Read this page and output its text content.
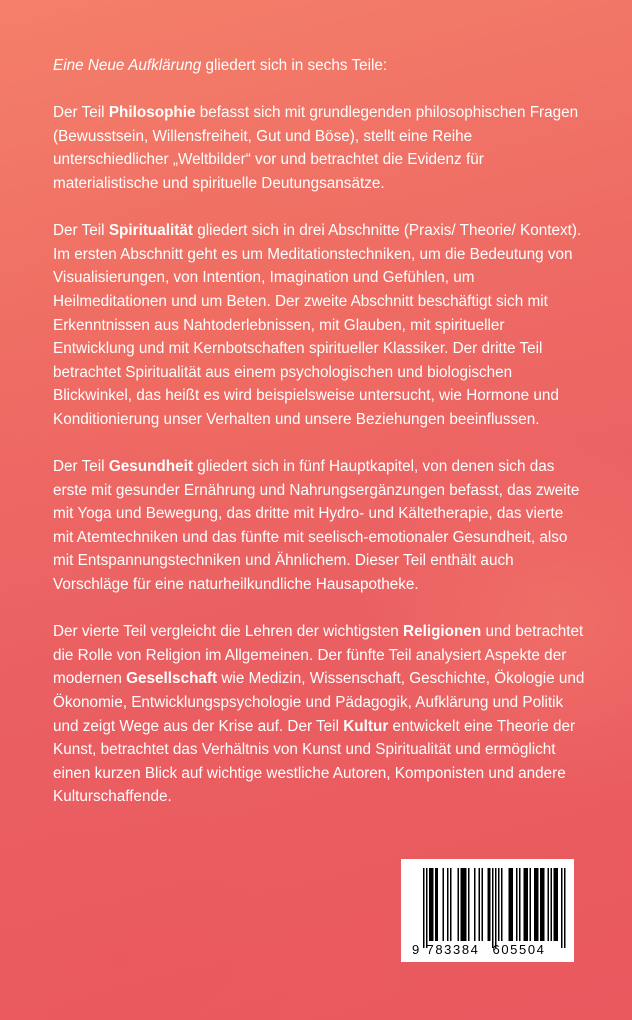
Eine Neue Aufklärung gliedert sich in sechs Teile:

Der Teil Philosophie befasst sich mit grundlegenden philosophischen Fragen (Bewusstsein, Willensfreiheit, Gut und Böse), stellt eine Reihe unterschiedlicher „Weltbilder“ vor und betrachtet die Evidenz für materialistische und spirituelle Deutungsansätze.

Der Teil Spiritualität gliedert sich in drei Abschnitte (Praxis/ Theorie/ Kontext). Im ersten Abschnitt geht es um Meditationstechniken, um die Bedeutung von Visualisierungen, von Intention, Imagination und Gefühlen, um Heilmeditationen und um Beten. Der zweite Abschnitt beschäftigt sich mit Erkenntnissen aus Nahtoderlebnissen, mit Glauben, mit spiritueller Entwicklung und mit Kernbotschaften spiritueller Klassiker. Der dritte Teil betrachtet Spiritualität aus einem psychologischen und biologischen Blickwinkel, das heißt es wird beispielsweise untersucht, wie Hormone und Konditionierung unser Verhalten und unsere Beziehungen beeinflussen.

Der Teil Gesundheit gliedert sich in fünf Hauptkapitel, von denen sich das erste mit gesunder Ernährung und Nahrungsergänzungen befasst, das zweite mit Yoga und Bewegung, das dritte mit Hydro- und Kältetherapie, das vierte mit Atemtechniken und das fünfte mit seelisch-emotionaler Gesundheit, also mit Entspannungstechniken und Ähnlichem. Dieser Teil enthält auch Vorschläge für eine naturheilkundliche Hausapotheke.

Der vierte Teil vergleicht die Lehren der wichtigsten Religionen und betrachtet die Rolle von Religion im Allgemeinen. Der fünfte Teil analysiert Aspekte der modernen Gesellschaft wie Medizin, Wissenschaft, Geschichte, Ökologie und Ökonomie, Entwicklungspsychologie und Pädagogik, Aufklärung und Politik und zeigt Wege aus der Krise auf. Der Teil Kultur entwickelt eine Theorie der Kunst, betrachtet das Verhältnis von Kunst und Spiritualität und ermöglicht einen kurzen Blick auf wichtige westliche Autoren, Komponisten und andere Kulturschaffende.

9 783384 605504
